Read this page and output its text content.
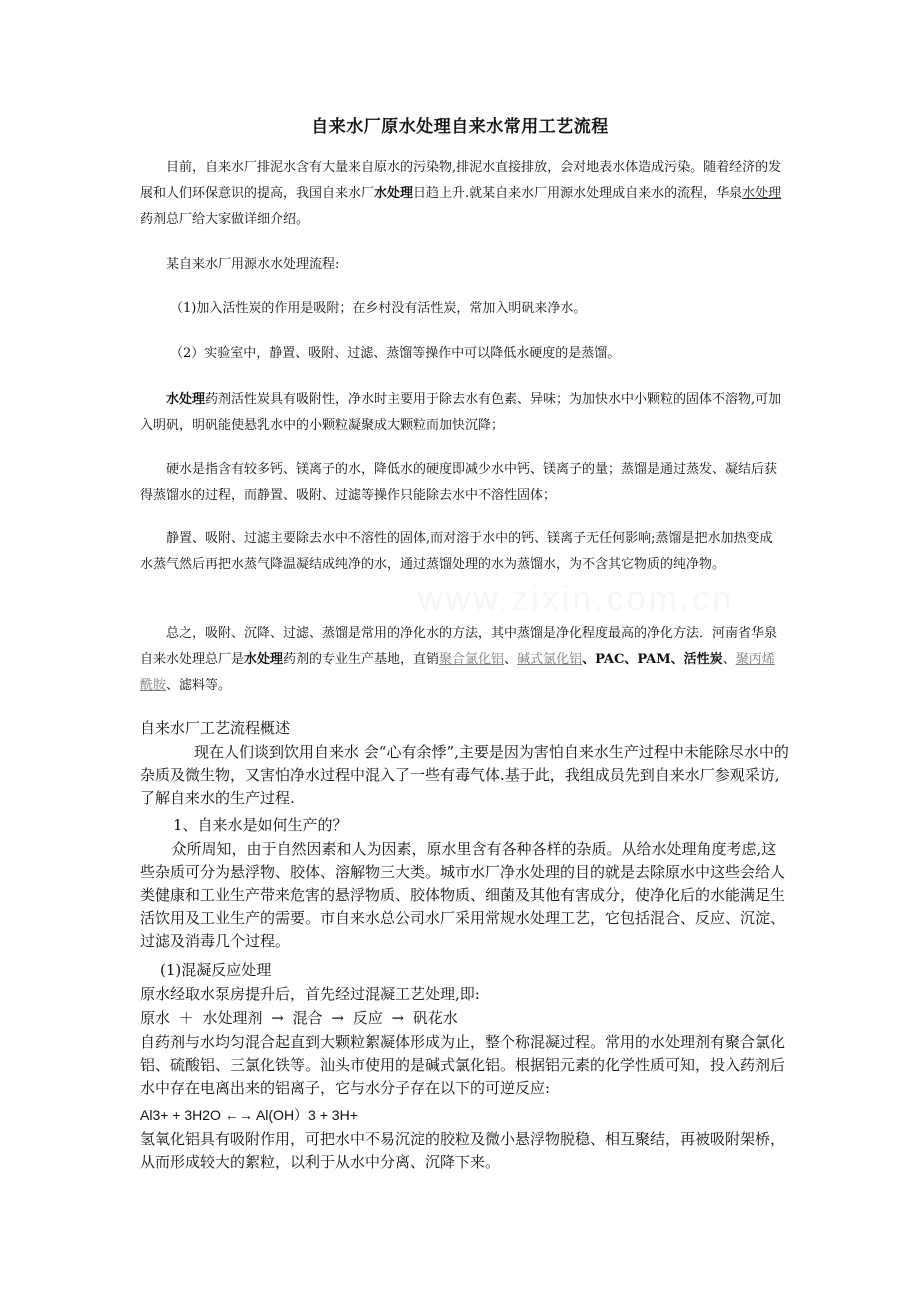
自来水厂原水处理自来水常用工艺流程
目前，自来水厂排泥水含有大量来自原水的污染物,排泥水直接排放，会对地表水体造成污染。随着经济的发展和人们环保意识的提高，我国自来水厂水处理日趋上升.就某自来水厂用源水处理成自来水的流程，华泉水处理药剂总厂给大家做详细介绍。
某自来水厂用源水水处理流程:
（1)加入活性炭的作用是吸附；在乡村没有活性炭，常加入明矾来净水。
（2）实验室中，静置、吸附、过滤、蒸馏等操作中可以降低水硬度的是蒸馏。
水处理药剂活性炭具有吸附性，净水时主要用于除去水有色素、异味；为加快水中小颗粒的固体不溶物,可加入明矾，明矾能使悬乳水中的小颗粒凝聚成大颗粒而加快沉降；
硬水是指含有较多钙、镁离子的水，降低水的硬度即减少水中钙、镁离子的量；蒸馏是通过蒸发、凝结后获得蒸馏水的过程，而静置、吸附、过滤等操作只能除去水中不溶性固体；
静置、吸附、过滤主要除去水中不溶性的固体,而对溶于水中的钙、镁离子无任何影响;蒸馏是把水加热变成水蒸气然后再把水蒸气降温凝结成纯净的水，通过蒸馏处理的水为蒸馏水，为不含其它物质的纯净物。
总之，吸附、沉降、过滤、蒸馏是常用的净化水的方法，其中蒸馏是净化程度最高的净化方法．河南省华泉自来水处理总厂是水处理药剂的专业生产基地，直销聚合氯化铝、碱式氯化铝、PAC、PAM、活性炭、聚丙烯酰胺、滤料等。
自来水厂工艺流程概述
现在人们谈到饮用自来水 会“心有余悸”,主要是因为害怕自来水生产过程中未能除尽水中的杂质及微生物，又害怕净水过程中混入了一些有毒气体.基于此，我组成员先到自来水厂参观采访,了解自来水的生产过程.
1、自来水是如何生产的？
众所周知，由于自然因素和人为因素，原水里含有各种各样的杂质。从给水处理角度考虑,这些杂质可分为悬浮物、胶体、溶解物三大类。城市水厂净水处理的目的就是去除原水中这些会给人类健康和工业生产带来危害的悬浮物质、胶体物质、细菌及其他有害成分，使净化后的水能满足生活饮用及工业生产的需要。市自来水总公司水厂采用常规水处理工艺，它包括混合、反应、沉淀、过滤及消毒几个过程。
(1)混凝反应处理
原水经取水泵房提升后，首先经过混凝工艺处理,即:
原水 ＋ 水处理剂 → 混合 → 反应 → 矾花水
自药剂与水均匀混合起直到大颗粒絮凝体形成为止，整个称混凝过程。常用的水处理剂有聚合氯化铝、硫酸铝、三氯化铁等。汕头市使用的是碱式氯化铝。根据铝元素的化学性质可知，投入药剂后水中存在电离出来的铝离子，它与水分子存在以下的可逆反应:
Al3+ + 3H2O ←→ Al(OH）3 + 3H+
氢氧化铝具有吸附作用，可把水中不易沉淀的胶粒及微小悬浮物脱稳、相互聚结，再被吸附架桥，从而形成较大的絮粒，以利于从水中分离、沉降下来。
